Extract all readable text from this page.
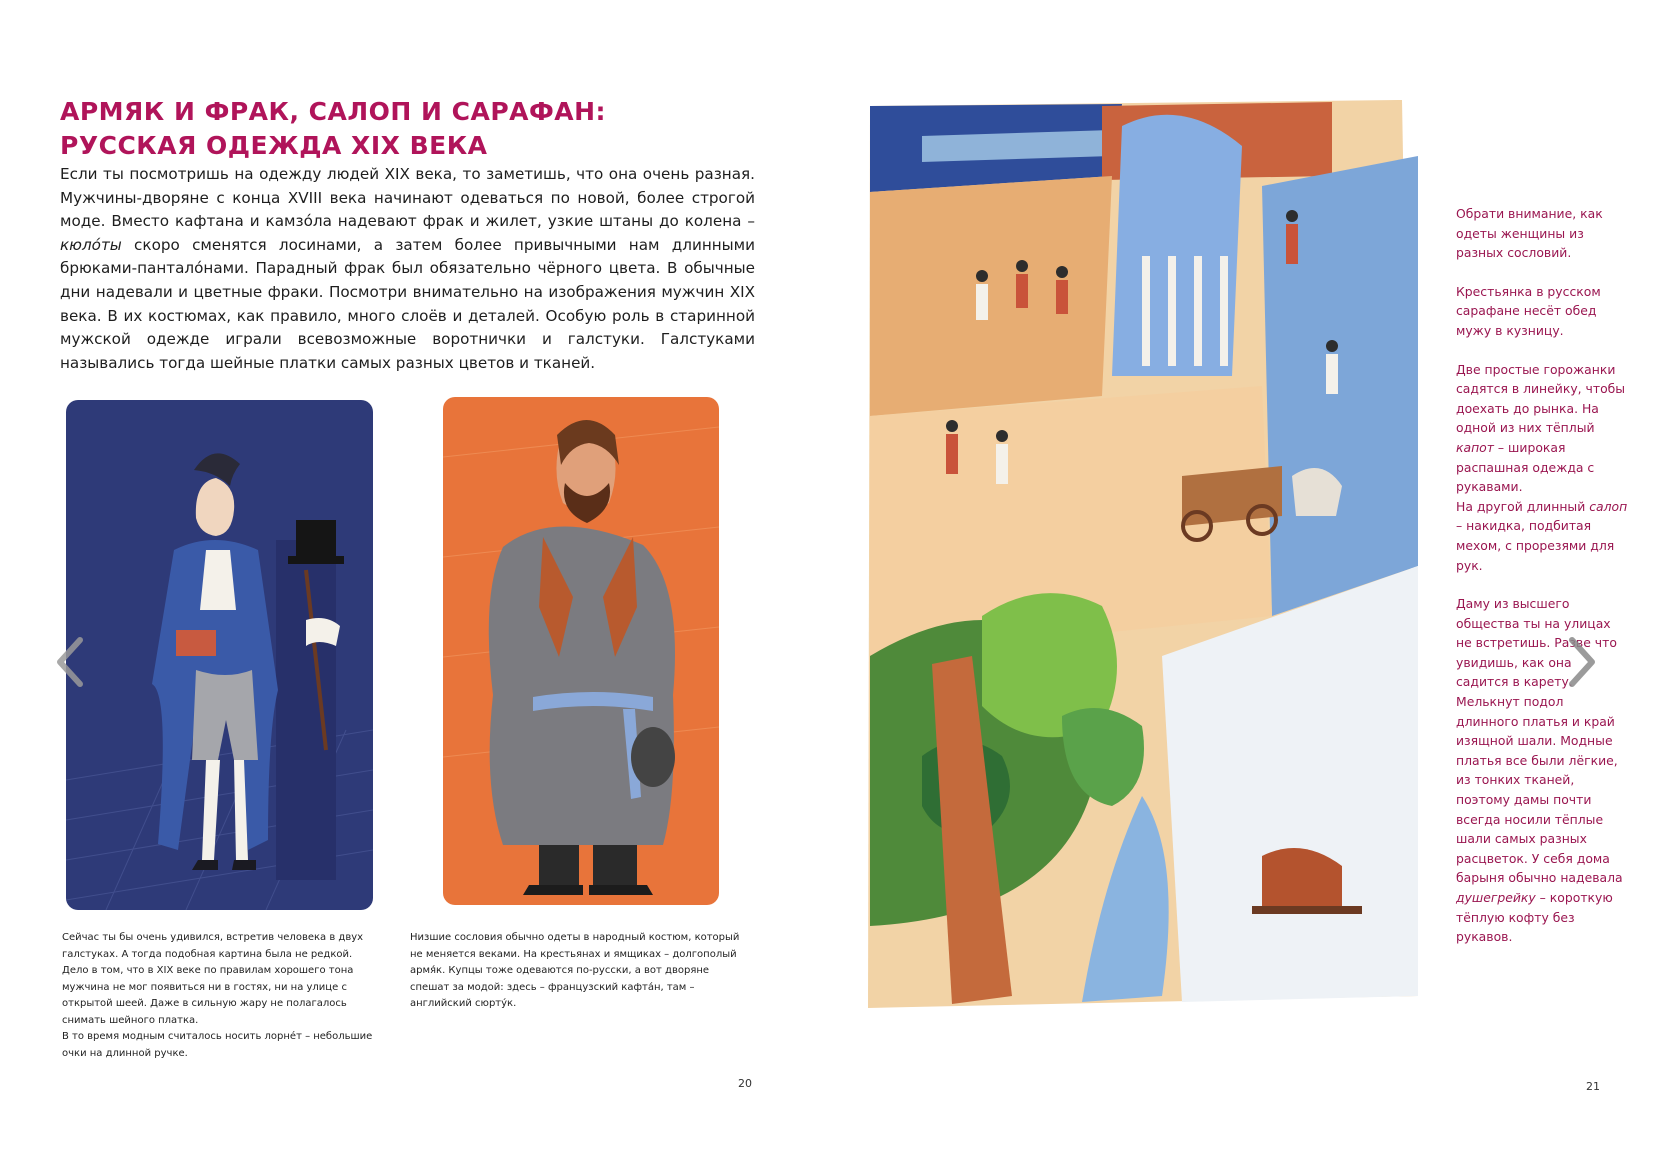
АРМЯК И ФРАК, САЛОП И САРАФАН:
РУССКАЯ ОДЕЖДА XIX ВЕКА

Если ты посмотришь на одежду людей XIX века, то заметишь, что она очень разная. Мужчины-дворяне с конца XVIII века начинают одеваться по новой, более строгой моде. Вместо кафтана и камзóла надевают фрак и жилет, узкие штаны до колена – кюлóты скоро сменятся лосинами, а затем более привычными нам длинными брюками-панталóнами. Парадный фрак был обязательно чёрного цвета. В обычные дни надевали и цветные фраки. Посмотри внимательно на изображения мужчин XIX века. В их костюмах, как правило, много слоёв и деталей. Особую роль в старинной мужской одежде играли всевозможные воротнички и галстуки. Галстуками назывались тогда шейные платки самых разных цветов и тканей.

Сейчас ты бы очень удивился, встретив человека в двух галстуках. А тогда подобная картина была не редкой. Дело в том, что в XIX веке по правилам хорошего тона мужчина не мог появиться ни в гостях, ни на улице с открытой шеей. Даже в сильную жару не полагалось снимать шейного платка.

В то время модным считалось носить лорнéт – небольшие очки на длинной ручке.

Низшие сословия обычно одеты в народный костюм, который не меняется веками. На крестьянах и ямщиках – долгополый армя́к. Купцы тоже одеваются по-русски, а вот дворяне спешат за модой: здесь – французский кафта́н, там – английский сюрту́к.

20	21

Обрати внимание, как одеты женщины из разных сословий.

Крестьянка в русском сарафане несёт обед мужу в кузницу.

Две простые горожанки садятся в линейку, чтобы доехать до рынка. На одной из них тёплый капот – широкая распашная одежда с рукавами.
На другой длинный салоп – накидка, подбитая мехом, с прорезями для рук.

Даму из высшего общества ты на улицах не встретишь. Разве что увидишь, как она садится в карету. Мелькнут подол длинного платья и край изящной шали. Модные платья все были лёгкие, из тонких тканей, поэтому дамы почти всегда носили тёплые шали самых разных расцветок. У себя дома барыня обычно надевала душегрейку – короткую тёплую кофту без рукавов.
